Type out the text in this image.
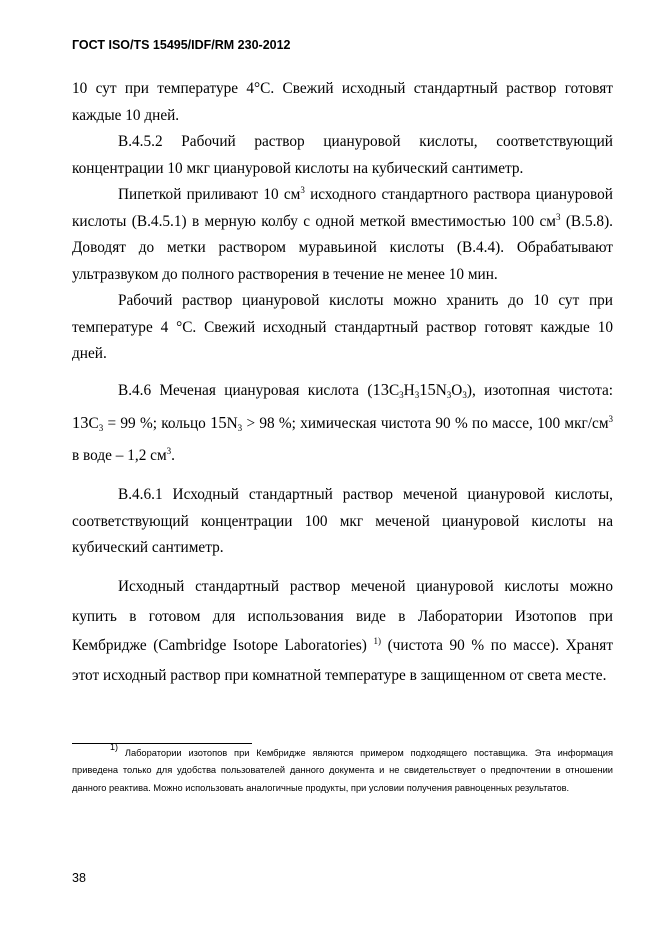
ГОСТ ISO/TS 15495/IDF/RM 230-2012
10 сут при температуре 4°С. Свежий исходный стандартный раствор готовят каждые 10 дней.
В.4.5.2 Рабочий раствор циануровой кислоты, соответствующий концентрации 10 мкг циануровой кислоты на кубический сантиметр.
Пипеткой приливают 10 $см^3$ исходного стандартного раствора циануровой кислоты (В.4.5.1) в мерную колбу с одной меткой вместимостью 100 $см^3$ (В.5.8). Доводят до метки раствором муравьиной кислоты (В.4.4). Обрабатывают ультразвуком до полного растворения в течение не менее 10 мин.
Рабочий раствор циануровой кислоты можно хранить до 10 сут при температуре 4 °С. Свежий исходный стандартный раствор готовят каждые 10 дней.
В.4.6 Меченая циануровая кислота $(13C_3H_315N_3O_3)$, изотопная чистота: $13C_3 = 99$ %; кольцо $15N_3 > 98$ %; химическая чистота 90 % по массе, 100 мкг/$см^3$ в воде – 1,2 $см^3$.
В.4.6.1 Исходный стандартный раствор меченой циануровой кислоты, соответствующий концентрации 100 мкг меченой циануровой кислоты на кубический сантиметр.
Исходный стандартный раствор меченой циануровой кислоты можно купить в готовом для использования виде в Лаборатории Изотопов при Кембридже (Cambridge Isotope Laboratories) $^{1)}$ (чистота 90 % по массе). Хранят этот исходный раствор при комнатной температуре в защищенном от света месте.
$^{1)}$ Лаборатории изотопов при Кембридже являются примером подходящего поставщика. Эта информация приведена только для удобства пользователей данного документа и не свидетельствует о предпочтении в отношении данного реактива. Можно использовать аналогичные продукты, при условии получения равноценных результатов.
38
